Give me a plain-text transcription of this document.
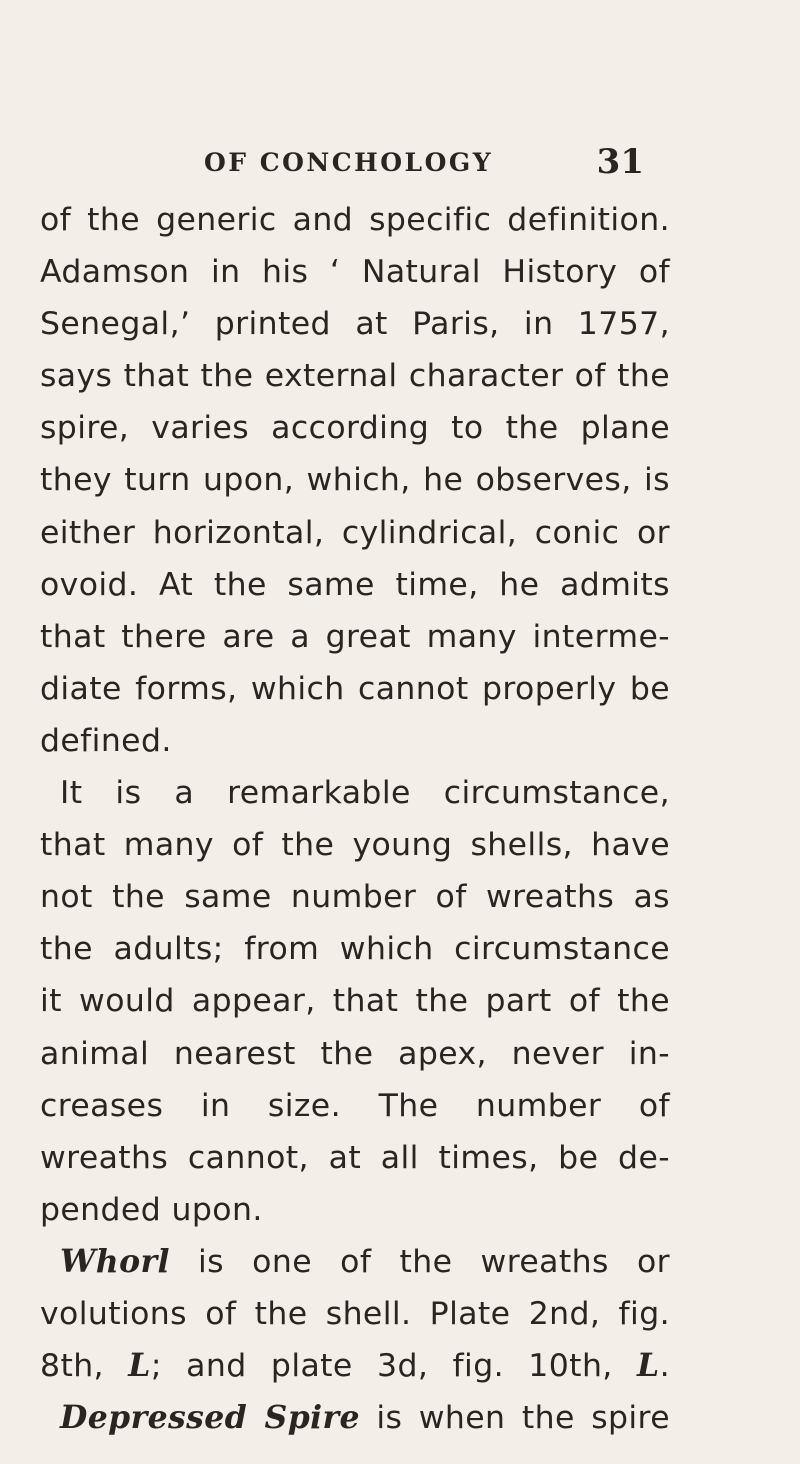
OF CONCHOLOGY	31
of the generic and specific definition.
Adamson in his ‘ Natural History of
Senegal,’ printed at Paris, in 1757,
says that the external character of the
spire, varies according to the plane
they turn upon, which, he observes, is
either horizontal, cylindrical, conic or
ovoid. At the same time, he admits
that there are a great many interme-
diate forms, which cannot properly be
defined.
It is a remarkable circumstance,
that many of the young shells, have
not the same number of wreaths as
the adults; from which circumstance
it would appear, that the part of the
animal nearest the apex, never in-
creases in size. The number of
wreaths cannot, at all times, be de-
pended upon.
Whorl is one of the wreaths or
volutions of the shell. Plate 2nd, fig.
8th, L; and plate 3d, fig. 10th, L.
Depressed Spire is when the spire
